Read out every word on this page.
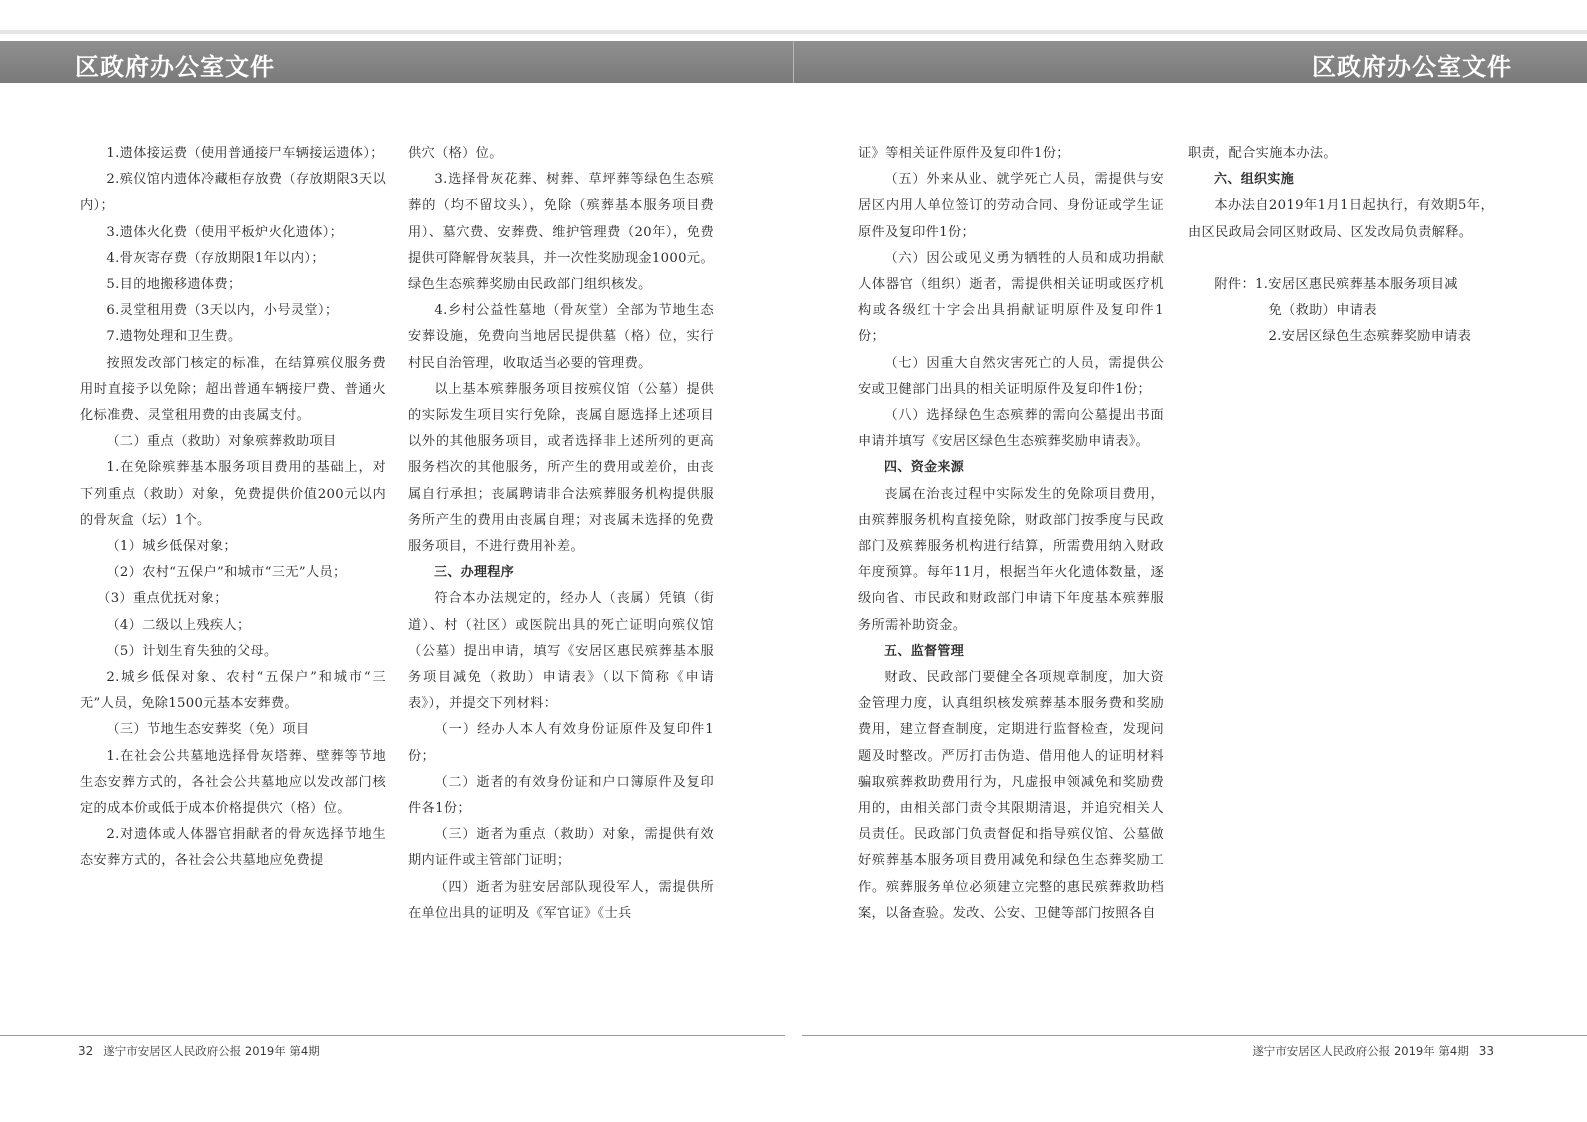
区政府办公室文件	区政府办公室文件

1.遗体接运费（使用普通接尸车辆接运遗体）；

2.殡仪馆内遗体冷藏柜存放费（存放期限3天以内）；

3.遗体火化费（使用平板炉火化遗体）；

4.骨灰寄存费（存放期限1年以内）；

5.目的地搬移遗体费；

6.灵堂租用费（3天以内，小号灵堂）；

7.遗物处理和卫生费。

按照发改部门核定的标准，在结算殡仪服务费用时直接予以免除；超出普通车辆接尸费、普通火化标准费、灵堂租用费的由丧属支付。

（二）重点（救助）对象殡葬救助项目

1.在免除殡葬基本服务项目费用的基础上，对下列重点（救助）对象，免费提供价值200元以内的骨灰盒（坛）1个。

（1）城乡低保对象；

（2）农村“五保户”和城市“三无”人员；

（3）重点优抚对象；

（4）二级以上残疾人；

（5）计划生育失独的父母。

2.城乡低保对象、农村“五保户”和城市“三无”人员，免除1500元基本安葬费。

（三）节地生态安葬奖（免）项目

1.在社会公共墓地选择骨灰塔葬、壁葬等节地生态安葬方式的，各社会公共墓地应以发改部门核定的成本价或低于成本价格提供穴（格）位。

2.对遗体或人体器官捐献者的骨灰选择节地生态安葬方式的，各社会公共墓地应免费提

供穴（格）位。

3.选择骨灰花葬、树葬、草坪葬等绿色生态殡葬的（均不留坟头），免除（殡葬基本服务项目费用）、墓穴费、安葬费、维护管理费（20年），免费提供可降解骨灰装具，并一次性奖励现金1000元。绿色生态殡葬奖励由民政部门组织核发。

4.乡村公益性墓地（骨灰堂）全部为节地生态安葬设施，免费向当地居民提供墓（格）位，实行村民自治管理，收取适当必要的管理费。

以上基本殡葬服务项目按殡仪馆（公墓）提供的实际发生项目实行免除，丧属自愿选择上述项目以外的其他服务项目，或者选择非上述所列的更高服务档次的其他服务，所产生的费用或差价，由丧属自行承担；丧属聘请非合法殡葬服务机构提供服务所产生的费用由丧属自理；对丧属未选择的免费服务项目，不进行费用补差。

三、办理程序

符合本办法规定的，经办人（丧属）凭镇（街道）、村（社区）或医院出具的死亡证明向殡仪馆（公墓）提出申请，填写《安居区惠民殡葬基本服务项目减免（救助）申请表》（以下简称《申请表》），并提交下列材料：

（一）经办人本人有效身份证原件及复印件1份；

（二）逝者的有效身份证和户口簿原件及复印件各1份；

（三）逝者为重点（救助）对象，需提供有效期内证件或主管部门证明；

（四）逝者为驻安居部队现役军人，需提供所在单位出具的证明及《军官证》《士兵

证》等相关证件原件及复印件1份；

（五）外来从业、就学死亡人员，需提供与安居区内用人单位签订的劳动合同、身份证或学生证原件及复印件1份；

（六）因公或见义勇为牺牲的人员和成功捐献人体器官（组织）逝者，需提供相关证明或医疗机构或各级红十字会出具捐献证明原件及复印件1份；

（七）因重大自然灾害死亡的人员，需提供公安或卫健部门出具的相关证明原件及复印件1份；

（八）选择绿色生态殡葬的需向公墓提出书面申请并填写《安居区绿色生态殡葬奖励申请表》。

四、资金来源

丧属在治丧过程中实际发生的免除项目费用，由殡葬服务机构直接免除，财政部门按季度与民政部门及殡葬服务机构进行结算，所需费用纳入财政年度预算。每年11月，根据当年火化遗体数量，逐级向省、市民政和财政部门申请下年度基本殡葬服务所需补助资金。

五、监督管理

财政、民政部门要健全各项规章制度，加大资金管理力度，认真组织核发殡葬基本服务费和奖励费用，建立督查制度，定期进行监督检查，发现问题及时整改。严厉打击伪造、借用他人的证明材料骗取殡葬救助费用行为，凡虚报申领减免和奖励费用的，由相关部门责令其限期清退，并追究相关人员责任。民政部门负责督促和指导殡仪馆、公墓做好殡葬基本服务项目费用减免和绿色生态葬奖励工作。殡葬服务单位必须建立完整的惠民殡葬救助档案，以备查验。发改、公安、卫健等部门按照各自

职责，配合实施本办法。

六、组织实施

本办法自2019年1月1日起执行，有效期5年，由区民政局会同区财政局、区发改局负责解释。

附件：1.安居区惠民殡葬基本服务项目减

免（救助）申请表

2.安居区绿色生态殡葬奖励申请表

32 遂宁市安居区人民政府公报 2019年 第4期	遂宁市安居区人民政府公报 2019年 第4期 33
